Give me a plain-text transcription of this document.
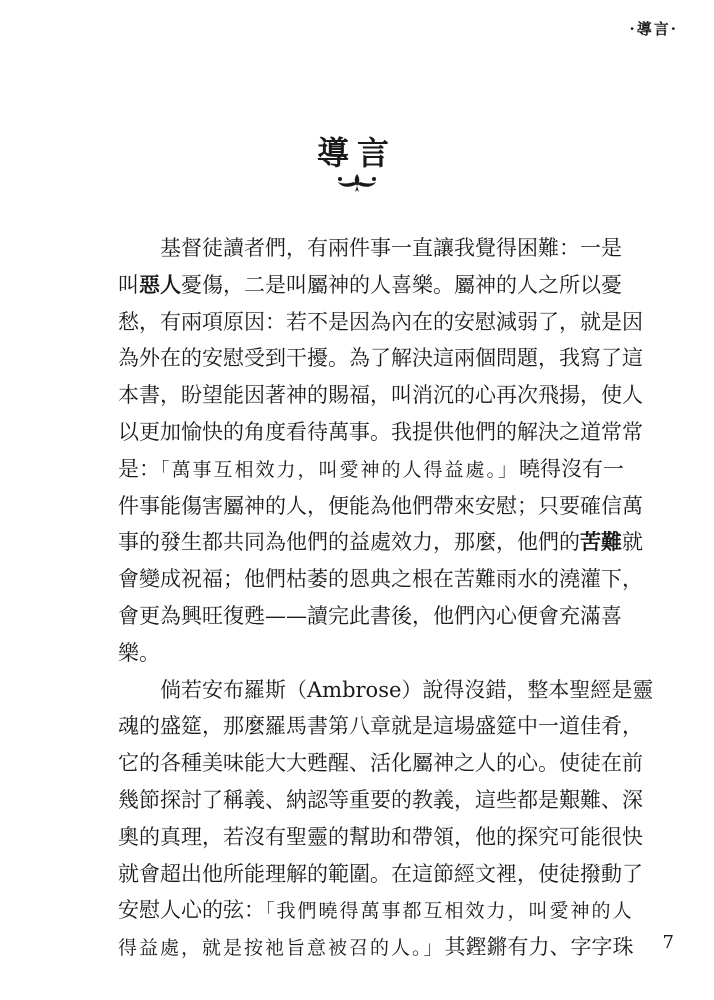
·導言·
導言
基督徒讀者們，有兩件事一直讓我覺得困難：一是
叫惡人憂傷，二是叫屬神的人喜樂。屬神的人之所以憂
愁，有兩項原因：若不是因為內在的安慰減弱了，就是因
為外在的安慰受到干擾。為了解決這兩個問題，我寫了這
本書，盼望能因著神的賜福，叫消沉的心再次飛揚，使人
以更加愉快的角度看待萬事。我提供他們的解決之道常常
是：「萬事互相效力，叫愛神的人得益處。」曉得沒有一
件事能傷害屬神的人，便能為他們帶來安慰；只要確信萬
事的發生都共同為他們的益處效力，那麼，他們的苦難就
會變成祝福；他們枯萎的恩典之根在苦難雨水的澆灌下，
會更為興旺復甦——讀完此書後，他們內心便會充滿喜
樂。
倘若安布羅斯（Ambrose）說得沒錯，整本聖經是靈
魂的盛筵，那麼羅馬書第八章就是這場盛筵中一道佳肴，
它的各種美味能大大甦醒、活化屬神之人的心。使徒在前
幾節探討了稱義、納認等重要的教義，這些都是艱難、深
奧的真理，若沒有聖靈的幫助和帶領，他的探究可能很快
就會超出他所能理解的範圍。在這節經文裡，使徒撥動了
安慰人心的弦：「我們曉得萬事都互相效力，叫愛神的人
得益處，就是按祂旨意被召的人。」其鏗鏘有力、字字珠 7
